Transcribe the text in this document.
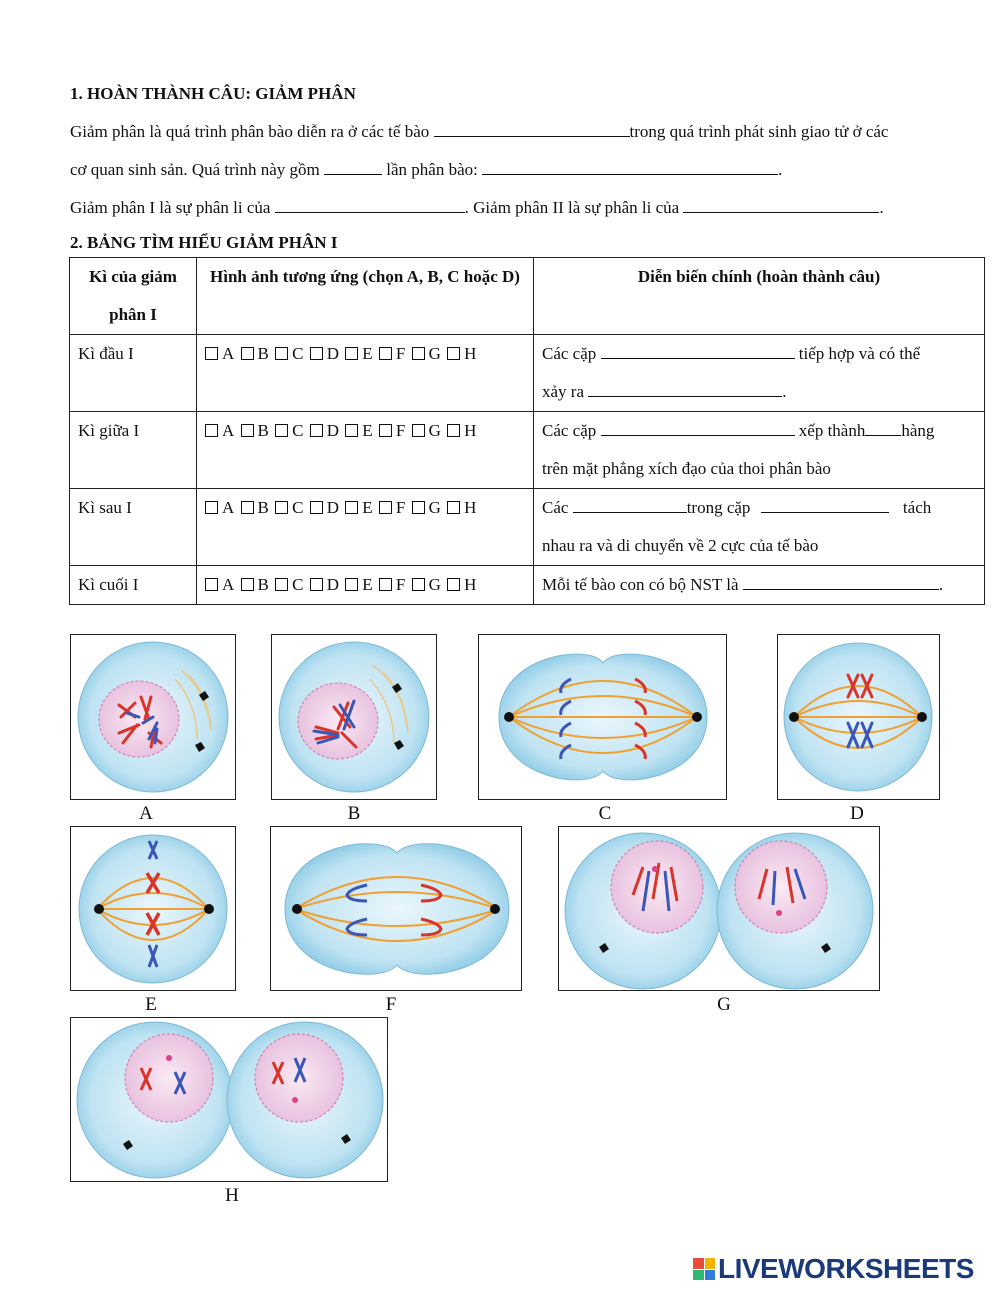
1. HOÀN THÀNH CÂU: GIẢM PHÂN
Giảm phân là quá trình phân bào diễn ra ở các tế bào	trong quá trình phát sinh giao tử ở các
cơ quan sinh sản. Quá trình này gồm	lần phân bào:	.
Giảm phân I là sự phân li của	. Giảm phân II là sự phân li của	.
2. BẢNG TÌM HIỂU GIẢM PHÂN I
Kì của giảm phân I	Hình ảnh tương ứng (chọn A, B, C hoặc D)	Diễn biến chính (hoàn thành câu)
Kì đầu I	A B C D E F G H	Các cặp tiếp hợp và có thể
xảy ra .
Kì giữa I	A B C D E F G H	Các cặp xếp thành hàng
trên mặt phẳng xích đạo của thoi phân bào
Kì sau I	A B C D E F G H	Các trong cặp tách
nhau ra và di chuyển về 2 cực của tế bào
Kì cuối I	A B C D E F G H	Mỗi tế bào con có bộ NST là .
A	B	C	D
E	F	G
H
LIVEWORKSHEETS
